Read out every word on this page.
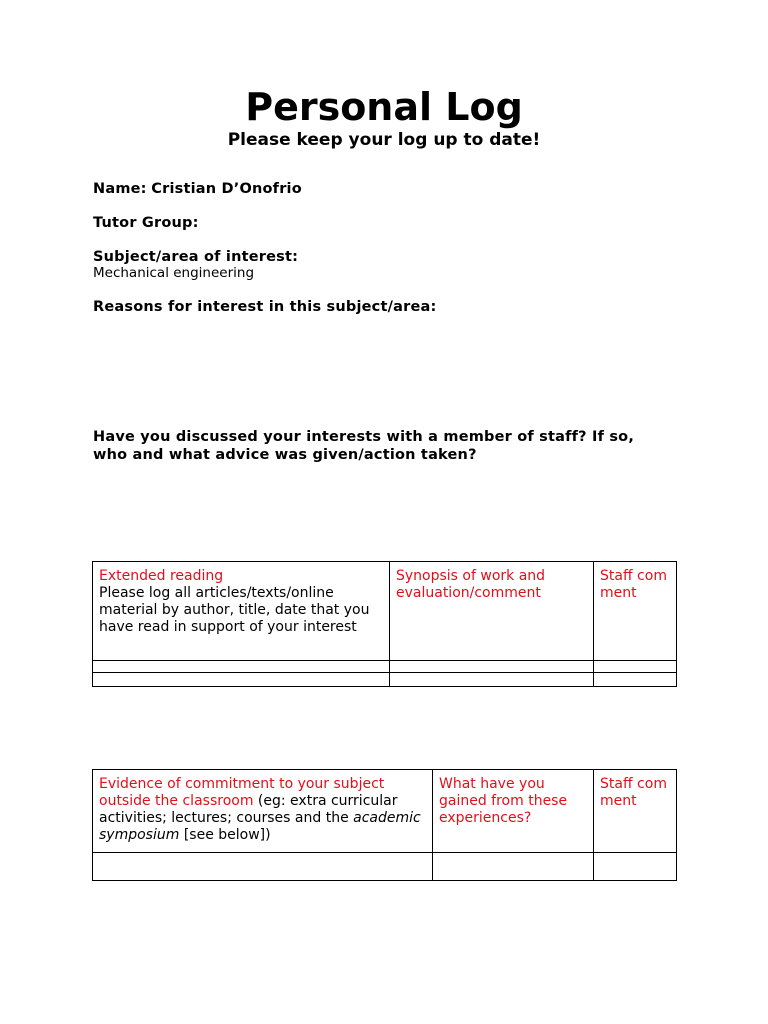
Personal Log
Please keep your log up to date!
Name: Cristian D’Onofrio
Tutor Group:
Subject/area of interest:
Mechanical engineering
Reasons for interest in this subject/area:
Have you discussed your interests with a member of staff? If so,
who and what advice was given/action taken?
Extended reading
Please log all articles/texts/online material by author, title, date that you have read in support of your interest	Synopsis of work and evaluation/comment	Staff comment

Evidence of commitment to your subject outside the classroom (eg: extra curricular activities; lectures; courses and the academic symposium [see below])	What have you gained from these experiences?	Staff comment
